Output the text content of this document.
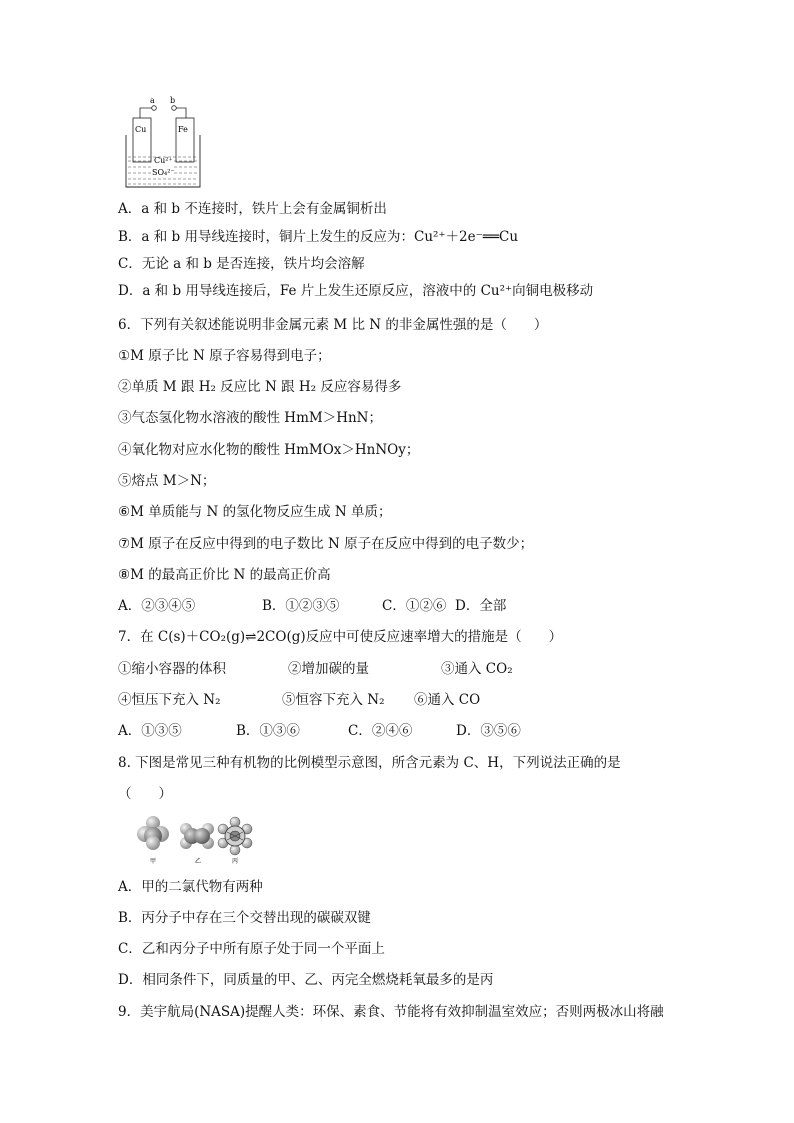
a b
Cu	Fe
Cu²⁺
SO₄²⁻
A．a 和 b 不连接时，铁片上会有金属铜析出
B．a 和 b 用导线连接时，铜片上发生的反应为：Cu²⁺＋2e⁻══Cu
C．无论 a 和 b 是否连接，铁片均会溶解
D．a 和 b 用导线连接后，Fe 片上发生还原反应，溶液中的 Cu²⁺向铜电极移动
6．下列有关叙述能说明非金属元素 M 比 N 的非金属性强的是（　　）
①M 原子比 N 原子容易得到电子；
②单质 M 跟 H₂ 反应比 N 跟 H₂ 反应容易得多
③气态氢化物水溶液的酸性 HmM＞HnN；
④氧化物对应水化物的酸性 HmMOx＞HnNOy；
⑤熔点 M＞N；
⑥M 单质能与 N 的氢化物反应生成 N 单质；
⑦M 原子在反应中得到的电子数比 N 原子在反应中得到的电子数少；
⑧M 的最高正价比 N 的最高正价高
A．②③④⑤	B．①②③⑤	C．①②⑥ D．全部
7．在 C(s)＋CO₂(g)⇌2CO(g)反应中可使反应速率增大的措施是（　　）
①缩小容器的体积	②增加碳的量	③通入 CO₂
④恒压下充入 N₂	⑤恒容下充入 N₂ ⑥通入 CO
A．①③⑤	B．①③⑥	C．②④⑥	D．③⑤⑥
8. 下图是常见三种有机物的比例模型示意图，所含元素为 C、H，下列说法正确的是
（　　）
甲	乙	丙
A．甲的二氯代物有两种
B．丙分子中存在三个交替出现的碳碳双键
C．乙和丙分子中所有原子处于同一个平面上
D．相同条件下，同质量的甲、乙、丙完全燃烧耗氧最多的是丙
9．美宇航局(NASA)提醒人类：环保、素食、节能将有效抑制温室效应；否则两极冰山将融
